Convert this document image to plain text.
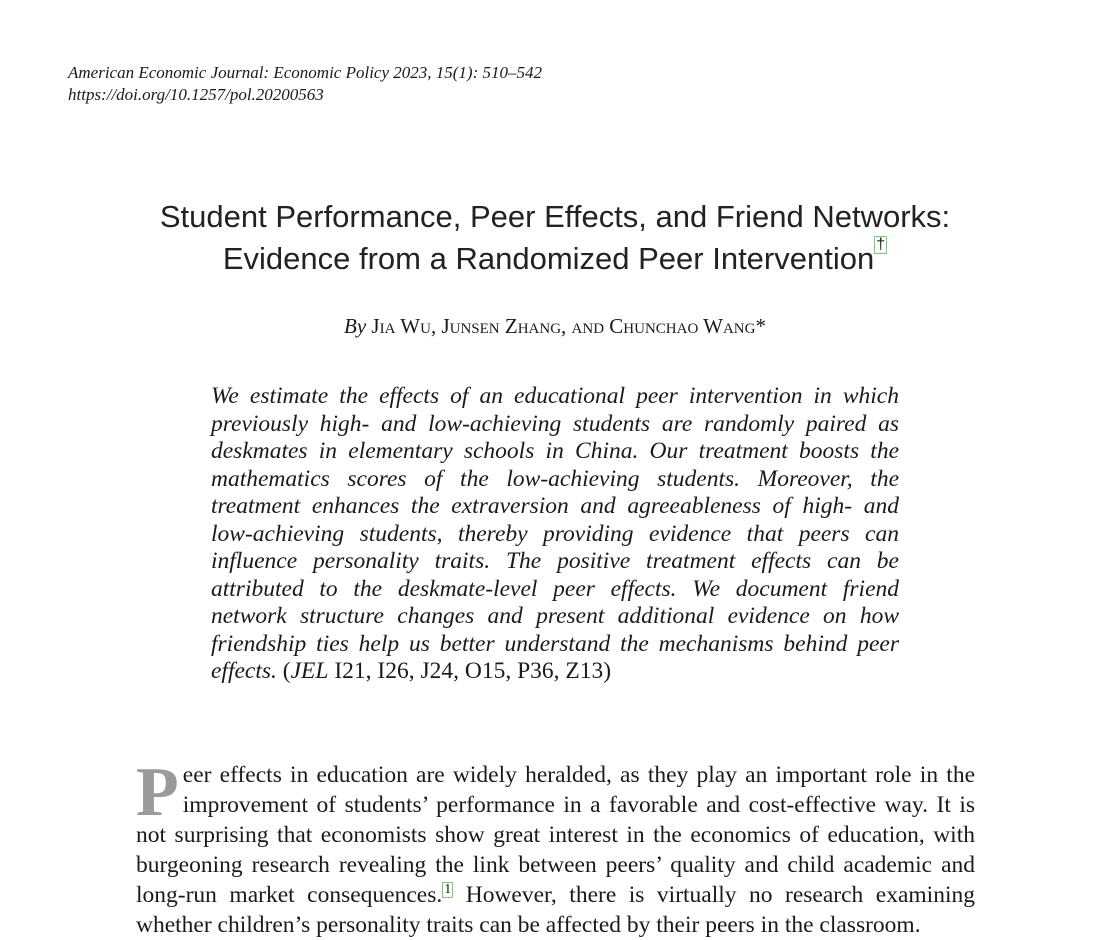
American Economic Journal: Economic Policy 2023, 15(1): 510–542
https://doi.org/10.1257/pol.20200563
Student Performance, Peer Effects, and Friend Networks:
Evidence from a Randomized Peer Intervention †
By Jia Wu, Junsen Zhang, and Chunchao Wang*
We estimate the effects of an educational peer intervention in which previously high- and low-achieving students are randomly paired as deskmates in elementary schools in China. Our treatment boosts the mathematics scores of the low-achieving students. Moreover, the treatment enhances the extraversion and agreeableness of high- and low-achieving students, thereby providing evidence that peers can influence personality traits. The positive treatment effects can be attributed to the deskmate-level peer effects. We document friend network structure changes and present additional evidence on how friendship ties help us better understand the mechanisms behind peer effects. (JEL I21, I26, J24, O15, P36, Z13)
Peer effects in education are widely heralded, as they play an important role in the improvement of students’ performance in a favorable and cost-effective way. It is not surprising that economists show great interest in the economics of education, with burgeoning research revealing the link between peers’ quality and child academic and long-run market consequences. 1 However, there is virtually no research examining whether children’s personality traits can be affected by their peers in the classroom.
